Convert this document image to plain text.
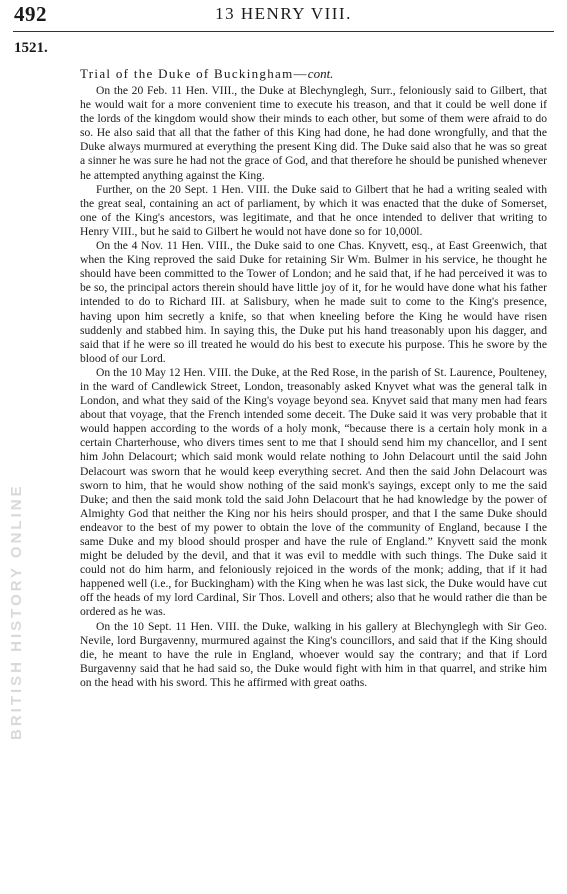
492	13 HENRY VIII.
1521.
Trial of the Duke of Buckingham—cont.

On the 20 Feb. 11 Hen. VIII., the Duke at Blechynglegh, Surr., feloniously said to Gilbert, that he would wait for a more convenient time to execute his treason, and that it could be well done if the lords of the kingdom would show their minds to each other, but some of them were afraid to do so. He also said that all that the father of this King had done, he had done wrongfully, and that the Duke always murmured at everything the present King did. The Duke said also that he was so great a sinner he was sure he had not the grace of God, and that therefore he should be punished whenever he attempted anything against the King.

Further, on the 20 Sept. 1 Hen. VIII. the Duke said to Gilbert that he had a writing sealed with the great seal, containing an act of parliament, by which it was enacted that the duke of Somerset, one of the King's ancestors, was legitimate, and that he once intended to deliver that writing to Henry VIII., but he said to Gilbert he would not have done so for 10,000l.

On the 4 Nov. 11 Hen. VIII., the Duke said to one Chas. Knyvett, esq., at East Greenwich, that when the King reproved the said Duke for retaining Sir Wm. Bulmer in his service, he thought he should have been committed to the Tower of London; and he said that, if he had perceived it was to be so, the principal actors therein should have little joy of it, for he would have done what his father intended to do to Richard III. at Salisbury, when he made suit to come to the King's presence, having upon him secretly a knife, so that when kneeling before the King he would have risen suddenly and stabbed him. In saying this, the Duke put his hand treasonably upon his dagger, and said that if he were so ill treated he would do his best to execute his purpose. This he swore by the blood of our Lord.

On the 10 May 12 Hen. VIII. the Duke, at the Red Rose, in the parish of St. Laurence, Poulteney, in the ward of Candlewick Street, London, treasonably asked Knyvet what was the general talk in London, and what they said of the King's voyage beyond sea. Knyvet said that many men had fears about that voyage, that the French intended some deceit. The Duke said it was very probable that it would happen according to the words of a holy monk, “because there is a certain holy monk in a certain Charterhouse, who divers times sent to me that I should send him my chancellor, and I sent him John Delacourt; which said monk would relate nothing to John Delacourt until the said John Delacourt was sworn that he would keep everything secret. And then the said John Delacourt was sworn to him, that he would show nothing of the said monk's sayings, except only to me the said Duke; and then the said monk told the said John Delacourt that he had knowledge by the power of Almighty God that neither the King nor his heirs should prosper, and that I the same Duke should endeavor to the best of my power to obtain the love of the community of England, because I the same Duke and my blood should prosper and have the rule of England.” Knyvett said the monk might be deluded by the devil, and that it was evil to meddle with such things. The Duke said it could not do him harm, and feloniously rejoiced in the words of the monk; adding, that if it had happened well (i.e., for Buckingham) with the King when he was last sick, the Duke would have cut off the heads of my lord Cardinal, Sir Thos. Lovell and others; also that he would rather die than be ordered as he was.

On the 10 Sept. 11 Hen. VIII. the Duke, walking in his gallery at Blechynglegh with Sir Geo. Nevile, lord Burgavenny, murmured against the King's councillors, and said that if the King should die, he meant to have the rule in England, whoever would say the contrary; and that if Lord Burgavenny said that he had said so, the Duke would fight with him in that quarrel, and strike him on the head with his sword. This he affirmed with great oaths.

BRITISH HISTORY ONLINE
